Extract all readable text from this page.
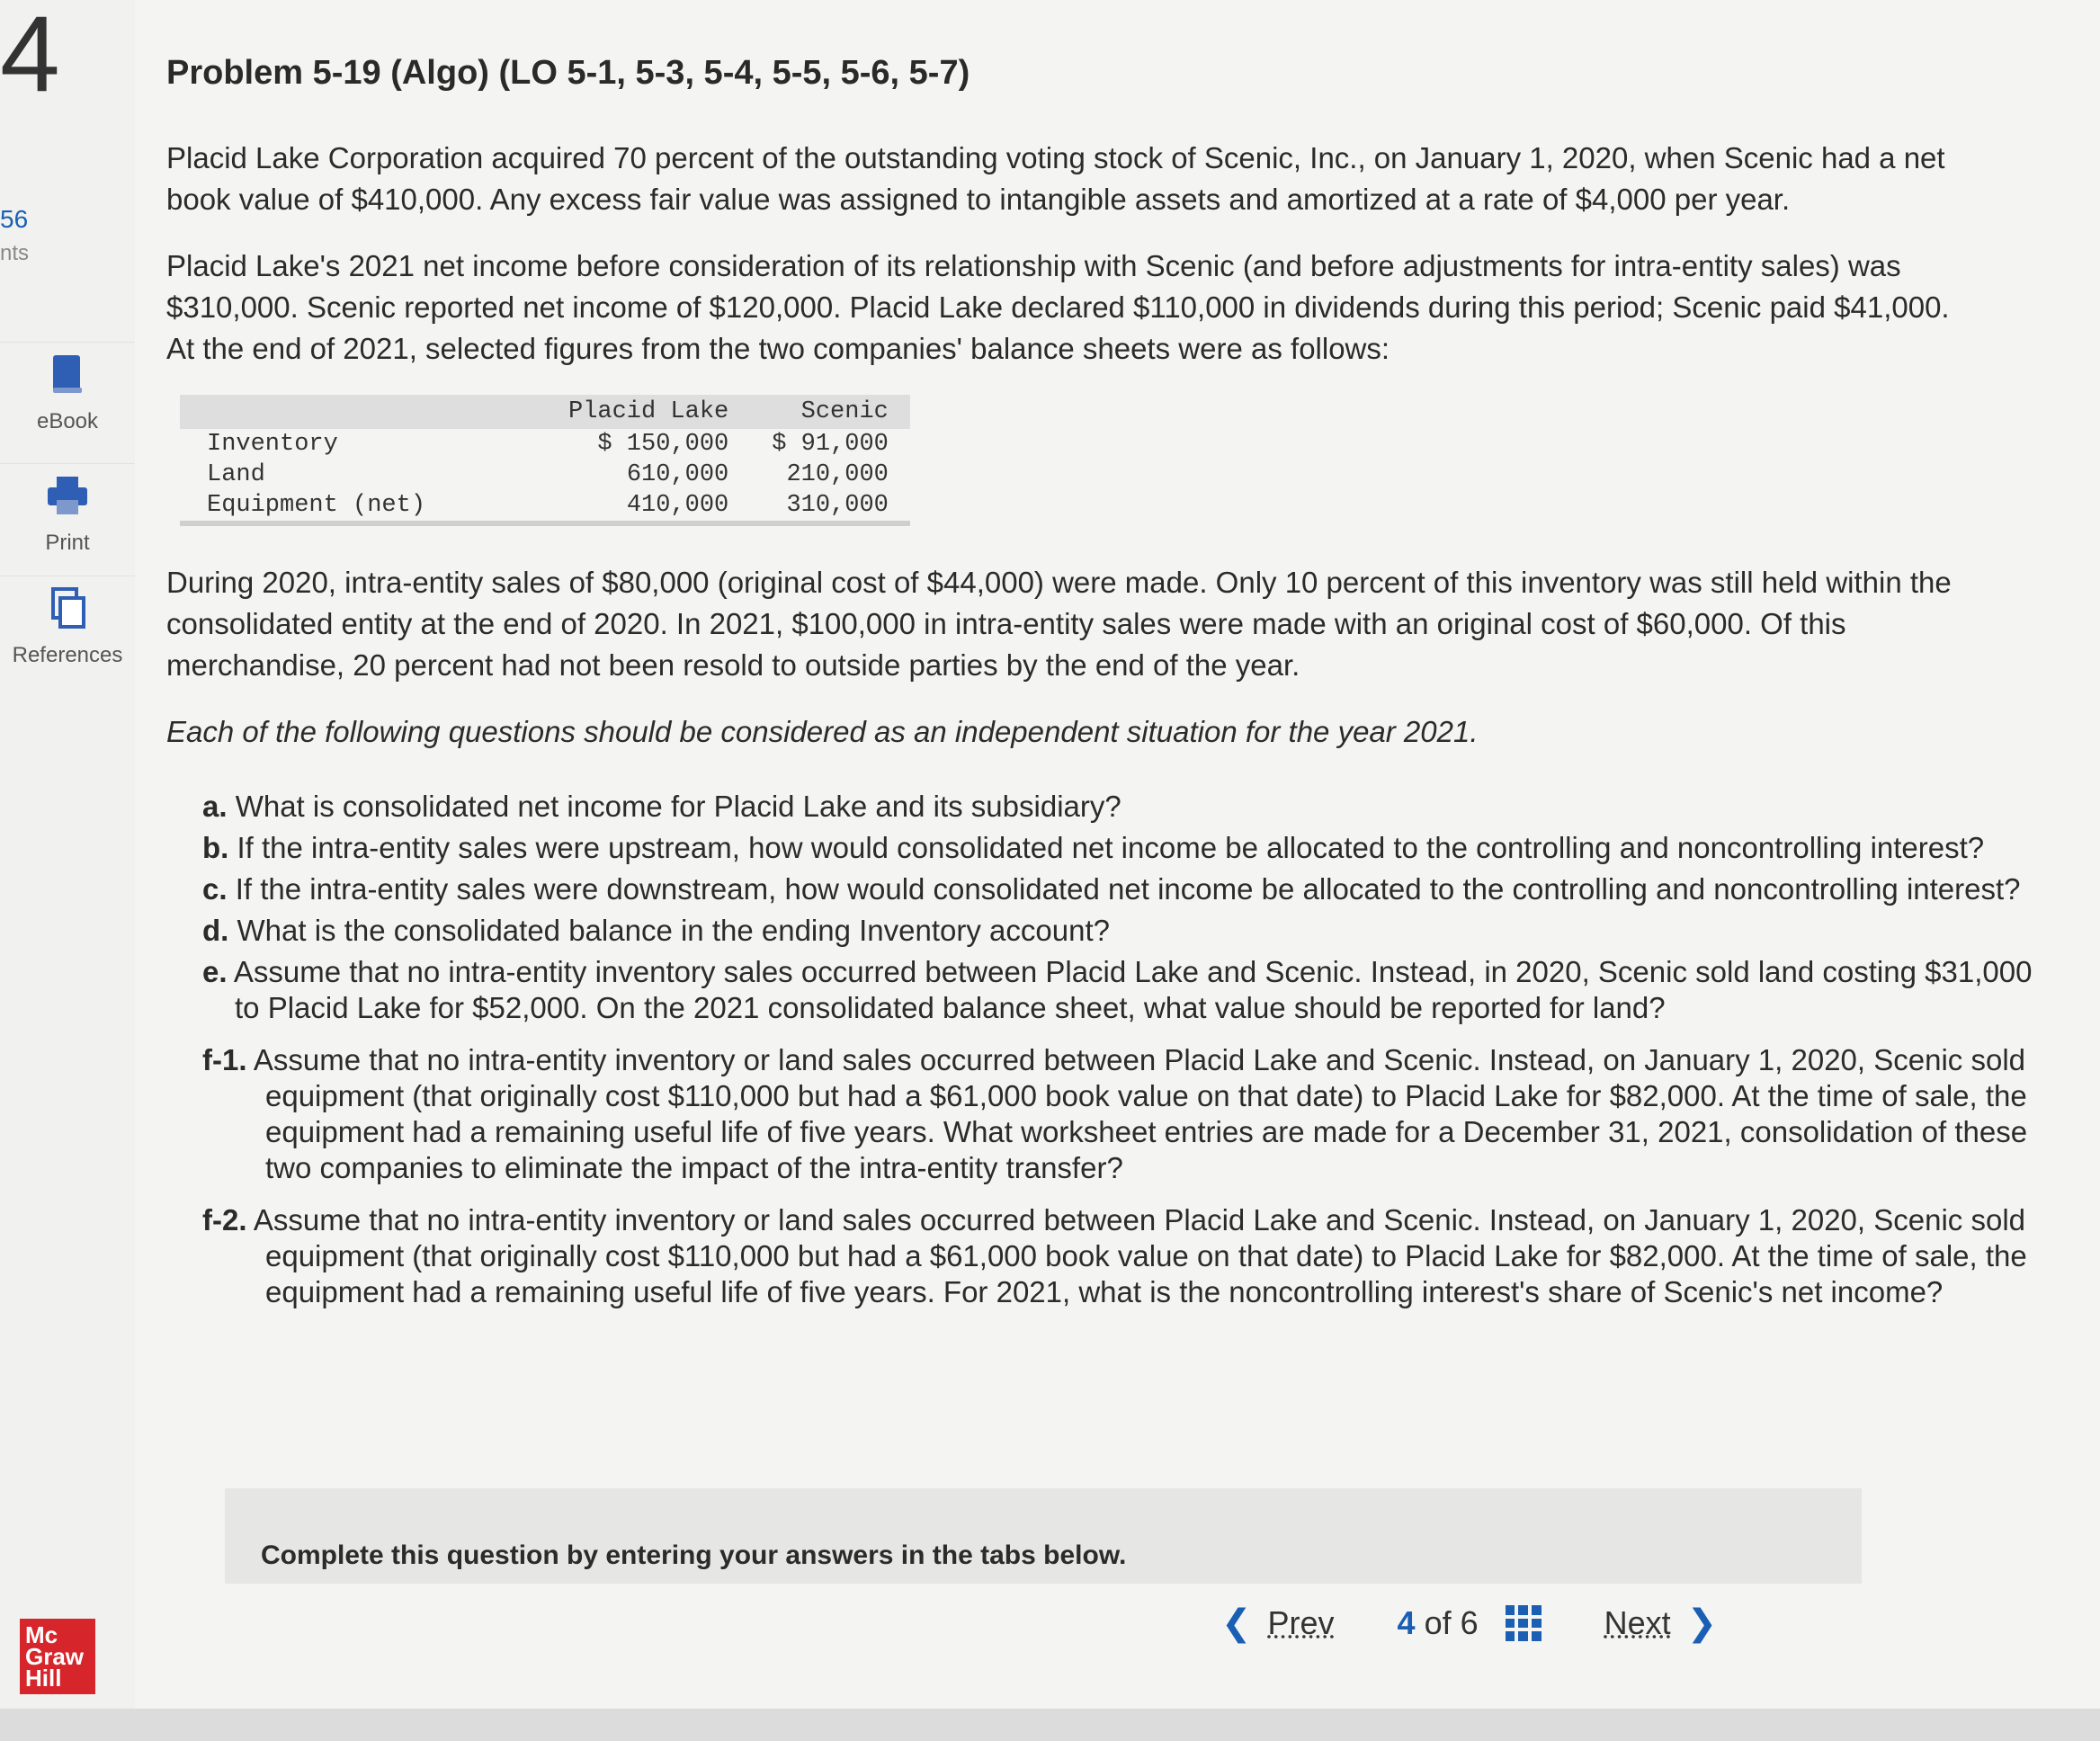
4
56
nts
eBook
Print
References
Mc
Graw
Hill
Problem 5-19 (Algo) (LO 5-1, 5-3, 5-4, 5-5, 5-6, 5-7)

Placid Lake Corporation acquired 70 percent of the outstanding voting stock of Scenic, Inc., on January 1, 2020, when Scenic had a net book value of $410,000. Any excess fair value was assigned to intangible assets and amortized at a rate of $4,000 per year.

Placid Lake's 2021 net income before consideration of its relationship with Scenic (and before adjustments for intra-entity sales) was $310,000. Scenic reported net income of $120,000. Placid Lake declared $110,000 in dividends during this period; Scenic paid $41,000. At the end of 2021, selected figures from the two companies' balance sheets were as follows:

	Placid Lake	Scenic
Inventory	$ 150,000	$ 91,000
Land	610,000	210,000
Equipment (net)	410,000	310,000

During 2020, intra-entity sales of $80,000 (original cost of $44,000) were made. Only 10 percent of this inventory was still held within the consolidated entity at the end of 2020. In 2021, $100,000 in intra-entity sales were made with an original cost of $60,000. Of this merchandise, 20 percent had not been resold to outside parties by the end of the year.

Each of the following questions should be considered as an independent situation for the year 2021.

a. What is consolidated net income for Placid Lake and its subsidiary?
b. If the intra-entity sales were upstream, how would consolidated net income be allocated to the controlling and noncontrolling interest?
c. If the intra-entity sales were downstream, how would consolidated net income be allocated to the controlling and noncontrolling interest?
d. What is the consolidated balance in the ending Inventory account?
e. Assume that no intra-entity inventory sales occurred between Placid Lake and Scenic. Instead, in 2020, Scenic sold land costing $31,000 to Placid Lake for $52,000. On the 2021 consolidated balance sheet, what value should be reported for land?
f-1. Assume that no intra-entity inventory or land sales occurred between Placid Lake and Scenic. Instead, on January 1, 2020, Scenic sold equipment (that originally cost $110,000 but had a $61,000 book value on that date) to Placid Lake for $82,000. At the time of sale, the equipment had a remaining useful life of five years. What worksheet entries are made for a December 31, 2021, consolidation of these two companies to eliminate the impact of the intra-entity transfer?
f-2. Assume that no intra-entity inventory or land sales occurred between Placid Lake and Scenic. Instead, on January 1, 2020, Scenic sold equipment (that originally cost $110,000 but had a $61,000 book value on that date) to Placid Lake for $82,000. At the time of sale, the equipment had a remaining useful life of five years. For 2021, what is the noncontrolling interest's share of Scenic's net income?
Complete this question by entering your answers in the tabs below.
❮ Prev 4 of 6	Next ❯
